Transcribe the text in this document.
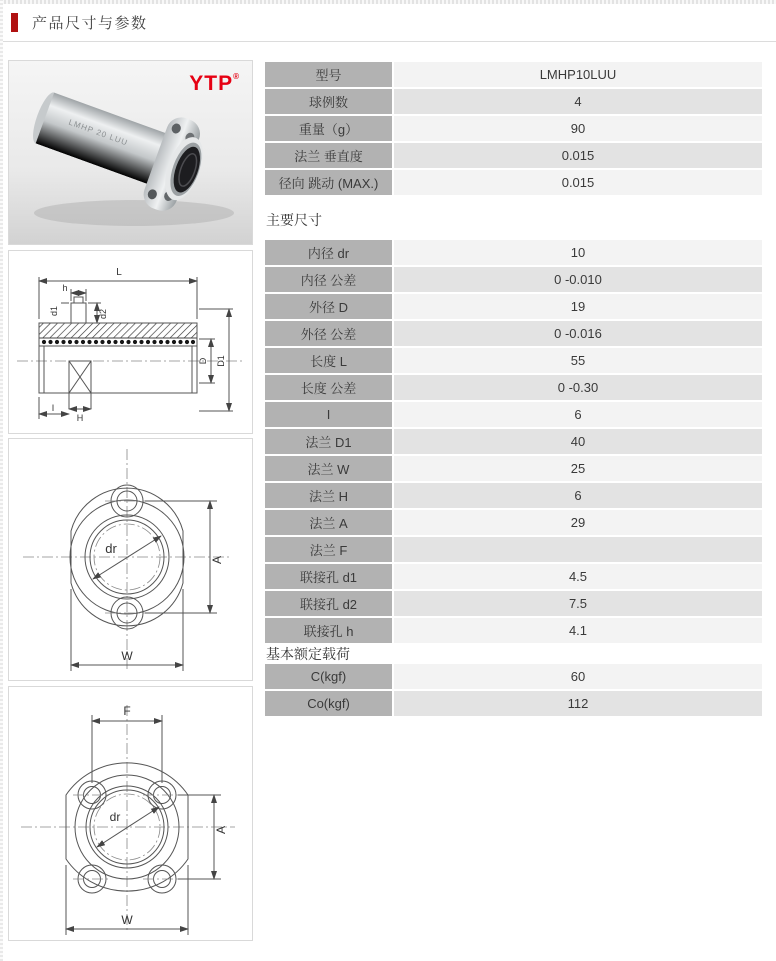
产品尺寸与参数
LMHP 20 LUU
YTP®
L
h
d1	d2
D D1
I
H
dr
A
W
F
dr
A
W
型号	LMHP10LUU
球例数	4
重量（g）	90
法兰 垂直度	0.015
径向 跳动 (MAX.)	0.015
主要尺寸
内径 dr	10
内径 公差	0 -0.010
外径 D	19
外径 公差	0 -0.016
长度 L	55
长度 公差	0 -0.30
I	6
法兰 D1	40
法兰 W	25
法兰 H	6
法兰 A	29
法兰 F
联接孔 d1	4.5
联接孔 d2	7.5
联接孔 h	4.1
基本额定载荷
C(kgf)	60
Co(kgf)	112
